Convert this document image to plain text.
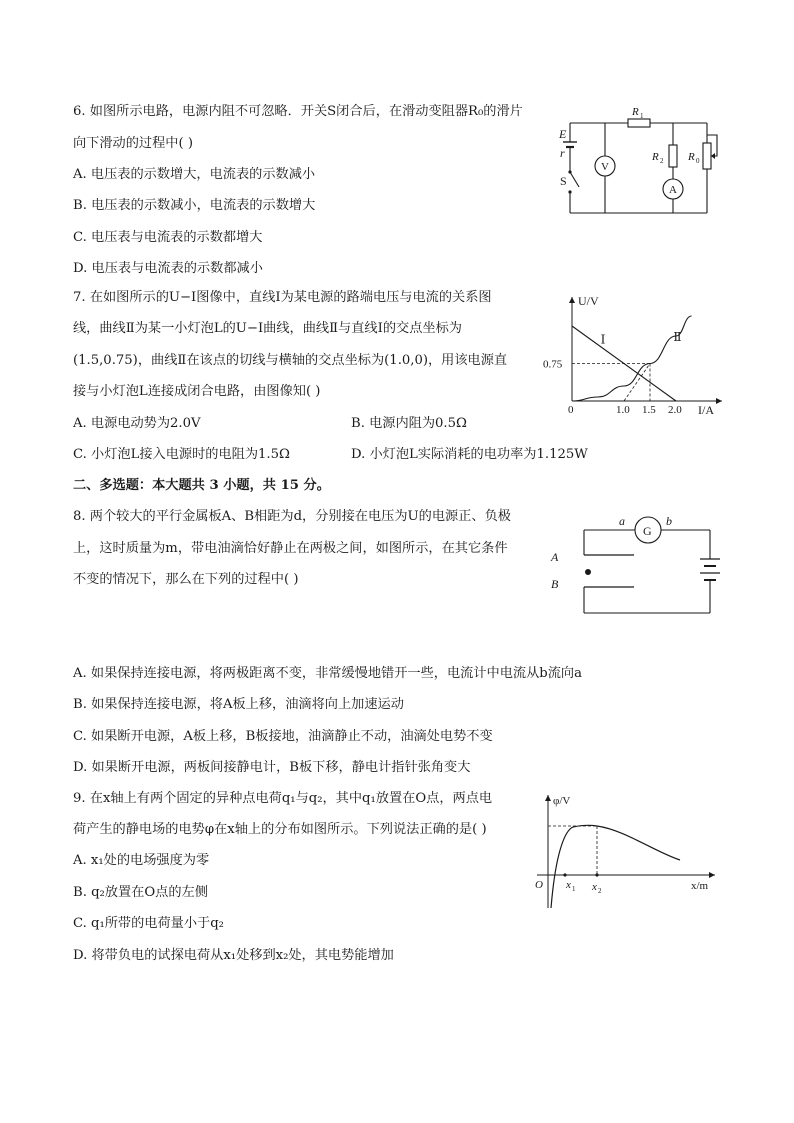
6. 如图所示电路，电源内阻不可忽略．开关S闭合后，在滑动变阻器R₀的滑片
向下滑动的过程中( )
A. 电压表的示数增大，电流表的示数减小
B. 电压表的示数减小，电流表的示数增大
C. 电压表与电流表的示数都增大
D. 电压表与电流表的示数都减小
R 1
R 2 R 0
E
r
S
V
A
7. 在如图所示的U−I图像中，直线Ⅰ为某电源的路端电压与电流的关系图
线，曲线Ⅱ为某一小灯泡L的U−I曲线，曲线Ⅱ与直线Ⅰ的交点坐标为
(1.5,0.75)，曲线Ⅱ在该点的切线与横轴的交点坐标为(1.0,0)，用该电源直
接与小灯泡L连接成闭合电路，由图像知( )
A. 电源电动势为2.0V	B. 电源内阻为0.5Ω
C. 小灯泡L接入电源时的电阻为1.5Ω	D. 小灯泡L实际消耗的电功率为1.125W
U/V
I/A
Ⅰ	Ⅱ
0	1.0 1.5 2.0
0.75
二、多选题：本大题共 3 小题，共 15 分。
8. 两个较大的平行金属板A、B相距为d，分别接在电压为U的电源正、负极
上，这时质量为m，带电油滴恰好静止在两极之间，如图所示，在其它条件
不变的情况下，那么在下列的过程中( )
A. 如果保持连接电源，将两极距离不变，非常缓慢地错开一些，电流计中电流从b流向a
B. 如果保持连接电源，将A板上移，油滴将向上加速运动
C. 如果断开电源，A板上移，B板接地，油滴静止不动，油滴处电势不变
D. 如果断开电源，两板间接静电计，B板下移，静电计指针张角变大
a	b
G
A
B
9. 在x轴上有两个固定的异种点电荷q₁与q₂，其中q₁放置在O点，两点电
荷产生的静电场的电势φ在x轴上的分布如图所示。下列说法正确的是( )
A. x₁处的电场强度为零
B. q₂放置在O点的左侧
C. q₁所带的电荷量小于q₂
D. 将带负电的试探电荷从x₁处移到x₂处，其电势能增加
φ/V
x/m
O x 1 x 2
